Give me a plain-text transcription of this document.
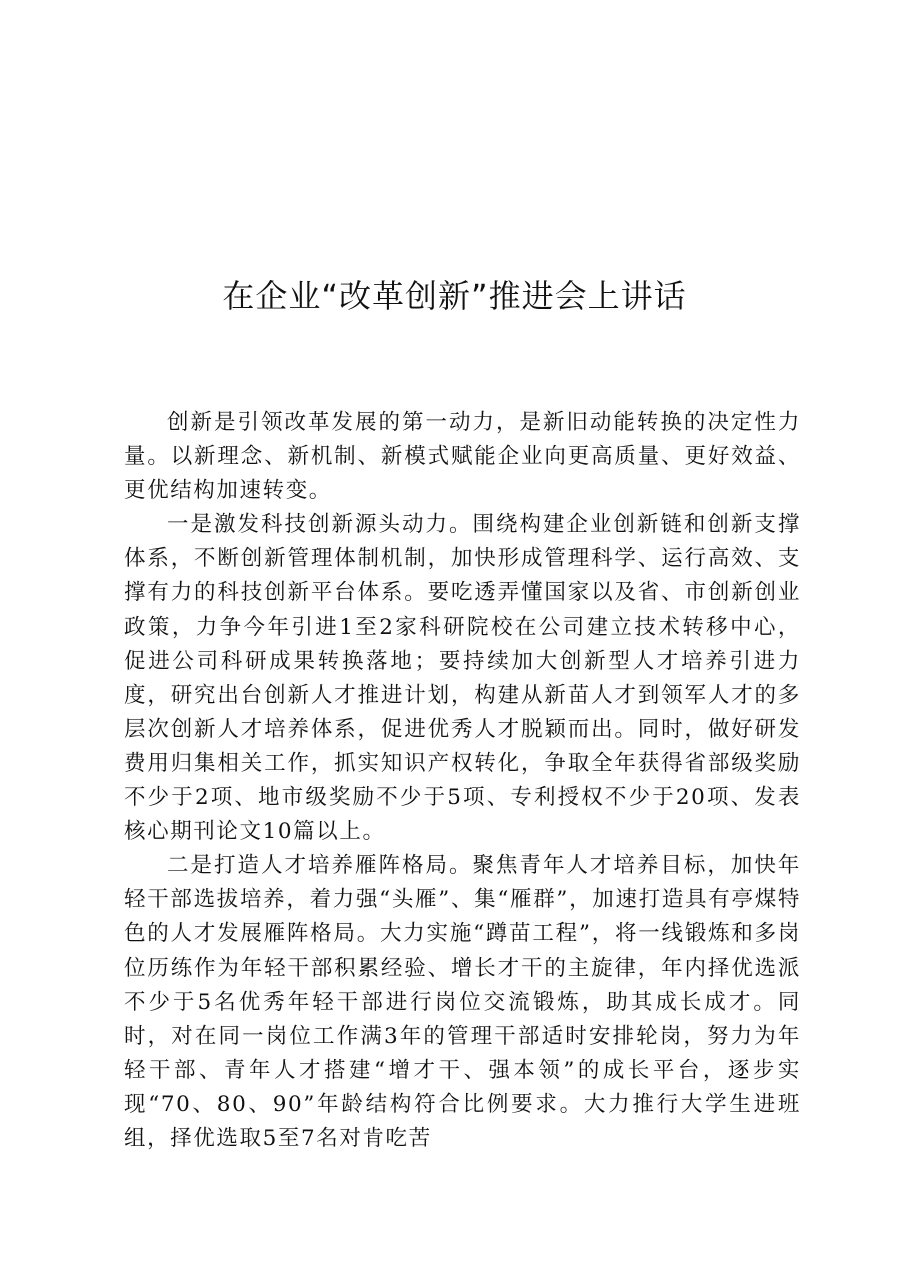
在企业“改革创新”推进会上讲话

创新是引领改革发展的第一动力，是新旧动能转换的决定性力量。以新理念、新机制、新模式赋能企业向更高质量、更好效益、更优结构加速转变。

一是激发科技创新源头动力。围绕构建企业创新链和创新支撑体系，不断创新管理体制机制，加快形成管理科学、运行高效、支撑有力的科技创新平台体系。要吃透弄懂国家以及省、市创新创业政策，力争今年引进1至2家科研院校在公司建立技术转移中心，促进公司科研成果转换落地；要持续加大创新型人才培养引进力度，研究出台创新人才推进计划，构建从新苗人才到领军人才的多层次创新人才培养体系，促进优秀人才脱颖而出。同时，做好研发费用归集相关工作，抓实知识产权转化，争取全年获得省部级奖励不少于2项、地市级奖励不少于5项、专利授权不少于20项、发表核心期刊论文10篇以上。

二是打造人才培养雁阵格局。聚焦青年人才培养目标，加快年轻干部选拔培养，着力强“头雁”、集“雁群”，加速打造具有亭煤特色的人才发展雁阵格局。大力实施“蹲苗工程”，将一线锻炼和多岗位历练作为年轻干部积累经验、增长才干的主旋律，年内择优选派不少于5名优秀年轻干部进行岗位交流锻炼，助其成长成才。同时，对在同一岗位工作满3年的管理干部适时安排轮岗，努力为年轻干部、青年人才搭建“增才干、强本领”的成长平台，逐步实现“70、80、90”年龄结构符合比例要求。大力推行大学生进班组，择优选取5至7名对肯吃苦
